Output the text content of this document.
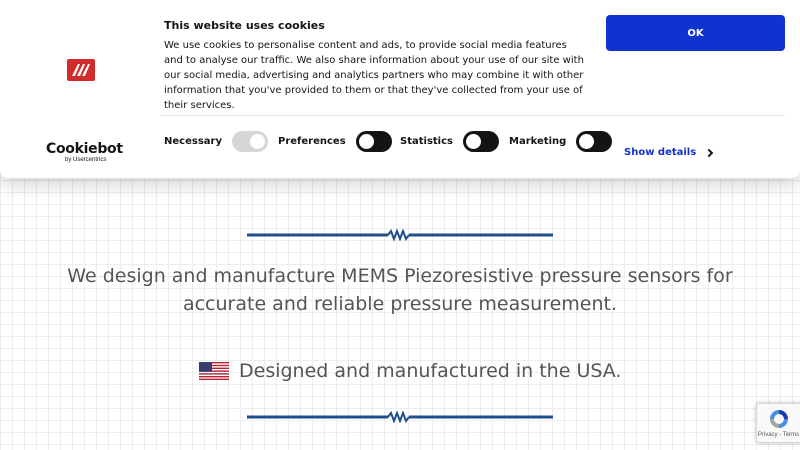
Cookiebot
by Usercentrics
This website uses cookies
We use cookies to personalise content and ads, to provide social media features and to analyse our traffic. We also share information about your use of our site with our social media, advertising and analytics partners who may combine it with other information that you've provided to them or that they've collected from your use of their services.
OK
Necessary	Preferences	Statistics	Marketing
Show details
We design and manufacture MEMS Piezoresistive pressure sensors for accurate and reliable pressure measurement.
Designed and manufactured in the USA.
Privacy - Terms
